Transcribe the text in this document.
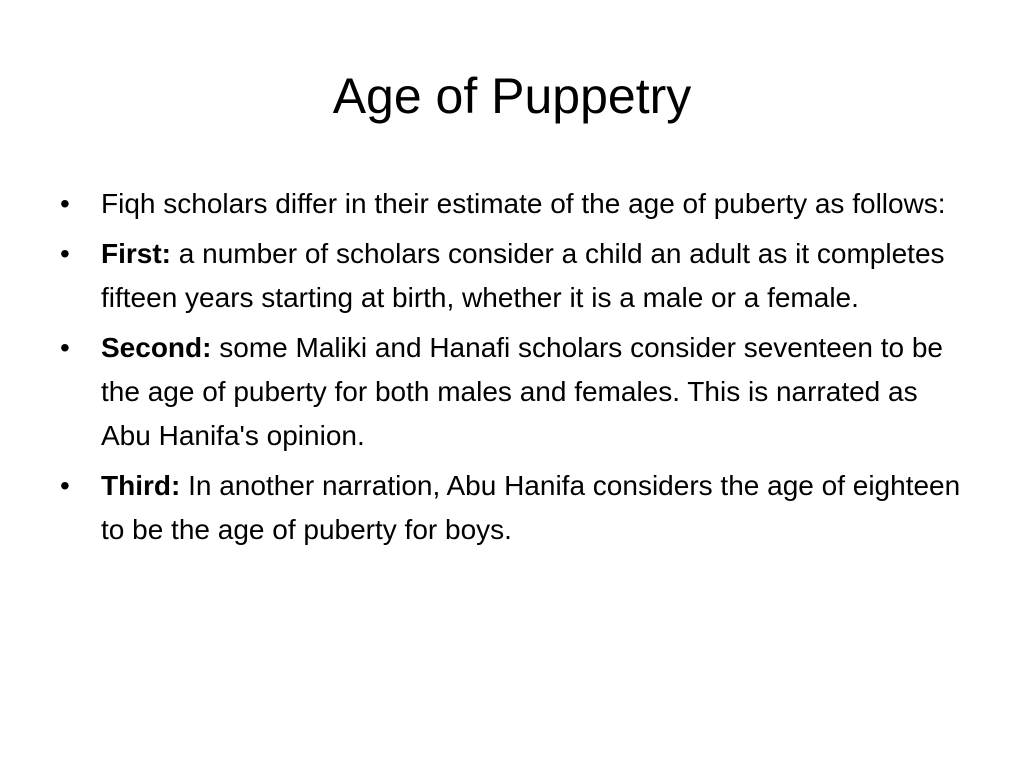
Age of Puppetry
•	Fiqh scholars differ in their estimate of the age of puberty as follows:
•	First: a number of scholars consider a child an adult as it completes fifteen years starting at birth, whether it is a male or a female.
•	Second: some Maliki and Hanafi scholars consider seventeen to be the age of puberty for both males and females. This is narrated as Abu Hanifa's opinion.
•	Third: In another narration, Abu Hanifa considers the age of eighteen to be the age of puberty for boys.
